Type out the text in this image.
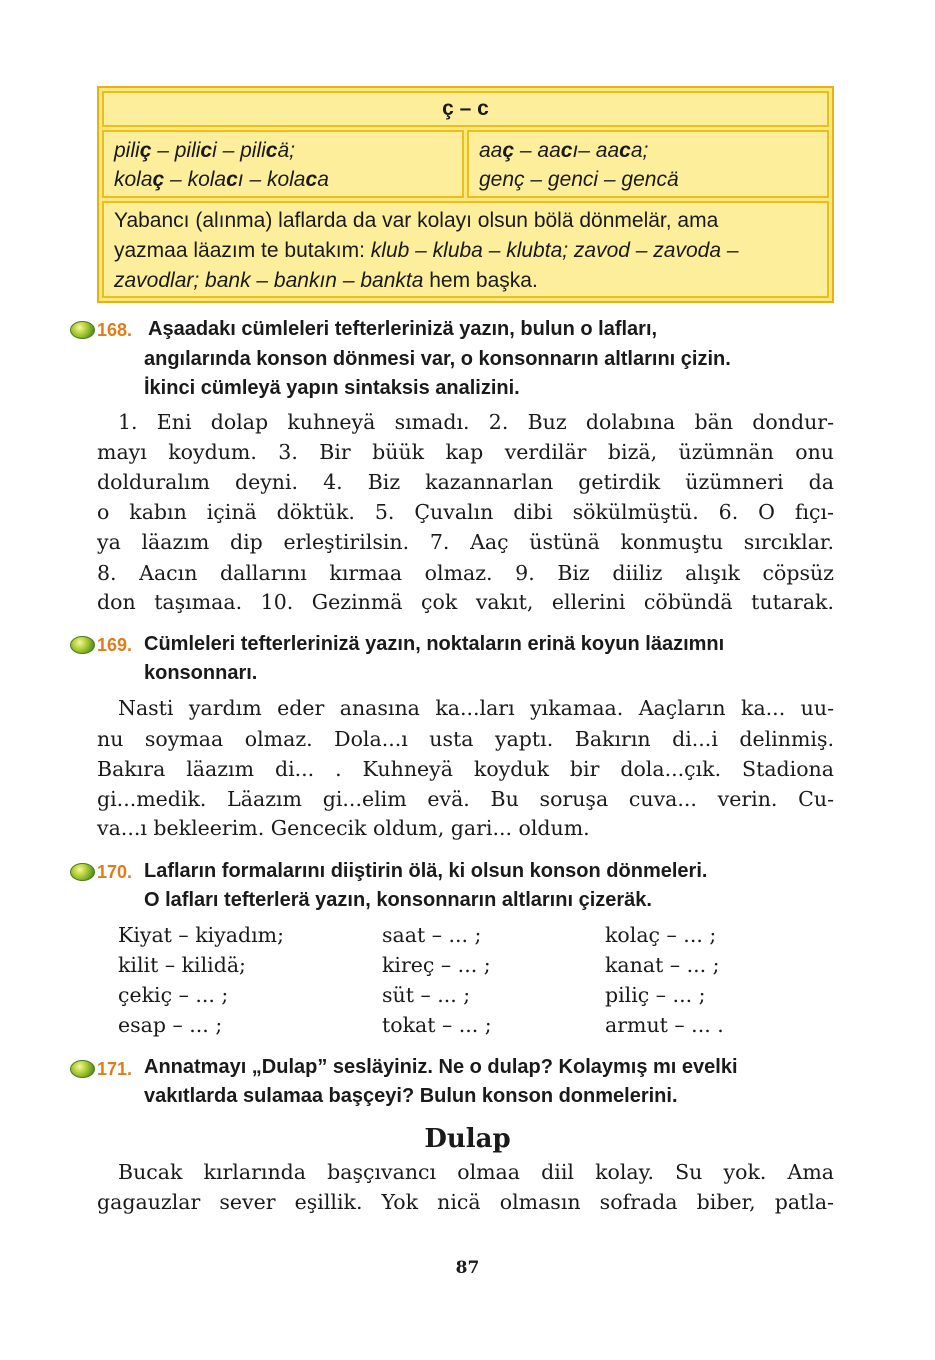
ç – c
piliç – pilici – pilicä;
kolaç – kolacı – kolaca
aaç – aacı– aaca;
genç – genci – gencä
Yabancı (alınma) laflarda da var kolayı olsun bölä dönmelär, ama
yazmaa läazım te butakım: klub – kluba – klubta; zavod – zavoda –
zavodlar; bank – bankın – bankta hem başka.
168. Aşaadakı cümleleri tefterlerinizä yazın, bulun o lafları,
angılarında konson dönmesi var, o konsonnarın altlarını çizin.
İkinci cümleyä yapın sintaksis analizini.
1. Eni dolap kuhneyä sımadı. 2. Buz dolabına bän dondur-
mayı koydum. 3. Bir büük kap verdilär bizä, üzümnän onu
dolduralım deyni. 4. Biz kazannarlan getirdik üzümneri da
o kabın içinä döktük. 5. Çuvalın dibi sökülmüştü. 6. O fıçı-
ya läazım dip erleştirilsin. 7. Aaç üstünä konmuştu sırcıklar.
8. Aacın dallarını kırmaa olmaz. 9. Biz diiliz alışık cöpsüz
don taşımaa. 10. Gezinmä çok vakıt, ellerini cöbündä tutarak.
169. Cümleleri tefterlerinizä yazın, noktaların erinä koyun läazımnı
konsonnarı.
Nasti yardım eder anasına ka...ları yıkamaa. Aaçların ka... uu-
nu soymaa olmaz. Dola...ı usta yaptı. Bakırın di...i delinmiş.
Bakıra läazım di... . Kuhneyä koyduk bir dola...çık. Stadiona
gi...medik. Läazım gi...elim evä. Bu soruşa cuva... verin. Cu-
va...ı bekleerim. Gencecik oldum, gari... oldum.
170. Lafların formalarını diiştirin ölä, ki olsun konson dönmeleri.
O lafları tefterlerä yazın, konsonnarın altlarını çizeräk.
Kiyat – kiyadım;
kilit – kilidä;
çekiç – ... ;
esap – ... ;
saat – ... ;
kireç – ... ;
süt – ... ;
tokat – ... ;
kolaç – ... ;
kanat – ... ;
piliç – ... ;
armut – ... .
171. Annatmayı „Dulap” sesläyiniz. Ne o dulap? Kolaymış mı evelki
vakıtlarda sulamaa başçeyi? Bulun konson donmelerini.
Dulap
Bucak kırlarında başçıvancı olmaa diil kolay. Su yok. Ama
gagauzlar sever eşillik. Yok nicä olmasın sofrada biber, patla-
87
